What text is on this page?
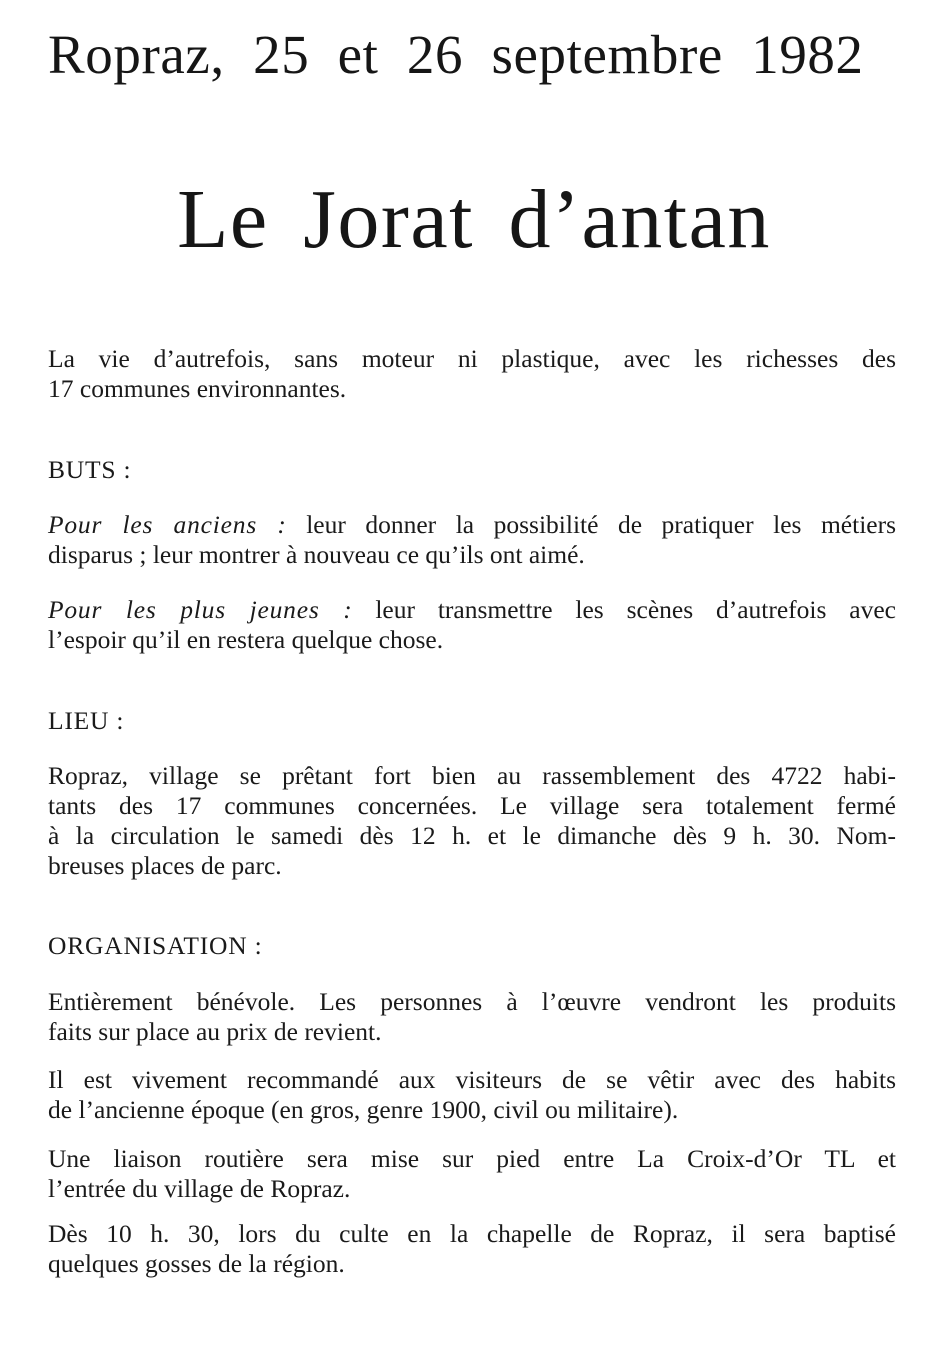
Ropraz, 25 et 26 septembre 1982
Le Jorat d’antan
La vie d’autrefois, sans moteur ni plastique, avec les richesses des
17 communes environnantes.
BUTS :
Pour les anciens : leur donner la possibilité de pratiquer les métiers
disparus ; leur montrer à nouveau ce qu’ils ont aimé.
Pour les plus jeunes : leur transmettre les scènes d’autrefois avec
l’espoir qu’il en restera quelque chose.
LIEU :
Ropraz, village se prêtant fort bien au rassemblement des 4722 habi-
tants des 17 communes concernées. Le village sera totalement fermé
à la circulation le samedi dès 12 h. et le dimanche dès 9 h. 30. Nom-
breuses places de parc.
ORGANISATION :
Entièrement bénévole. Les personnes à l’œuvre vendront les produits
faits sur place au prix de revient.
Il est vivement recommandé aux visiteurs de se vêtir avec des habits
de l’ancienne époque (en gros, genre 1900, civil ou militaire).
Une liaison routière sera mise sur pied entre La Croix-d’Or TL et
l’entrée du village de Ropraz.
Dès 10 h. 30, lors du culte en la chapelle de Ropraz, il sera baptisé
quelques gosses de la région.
